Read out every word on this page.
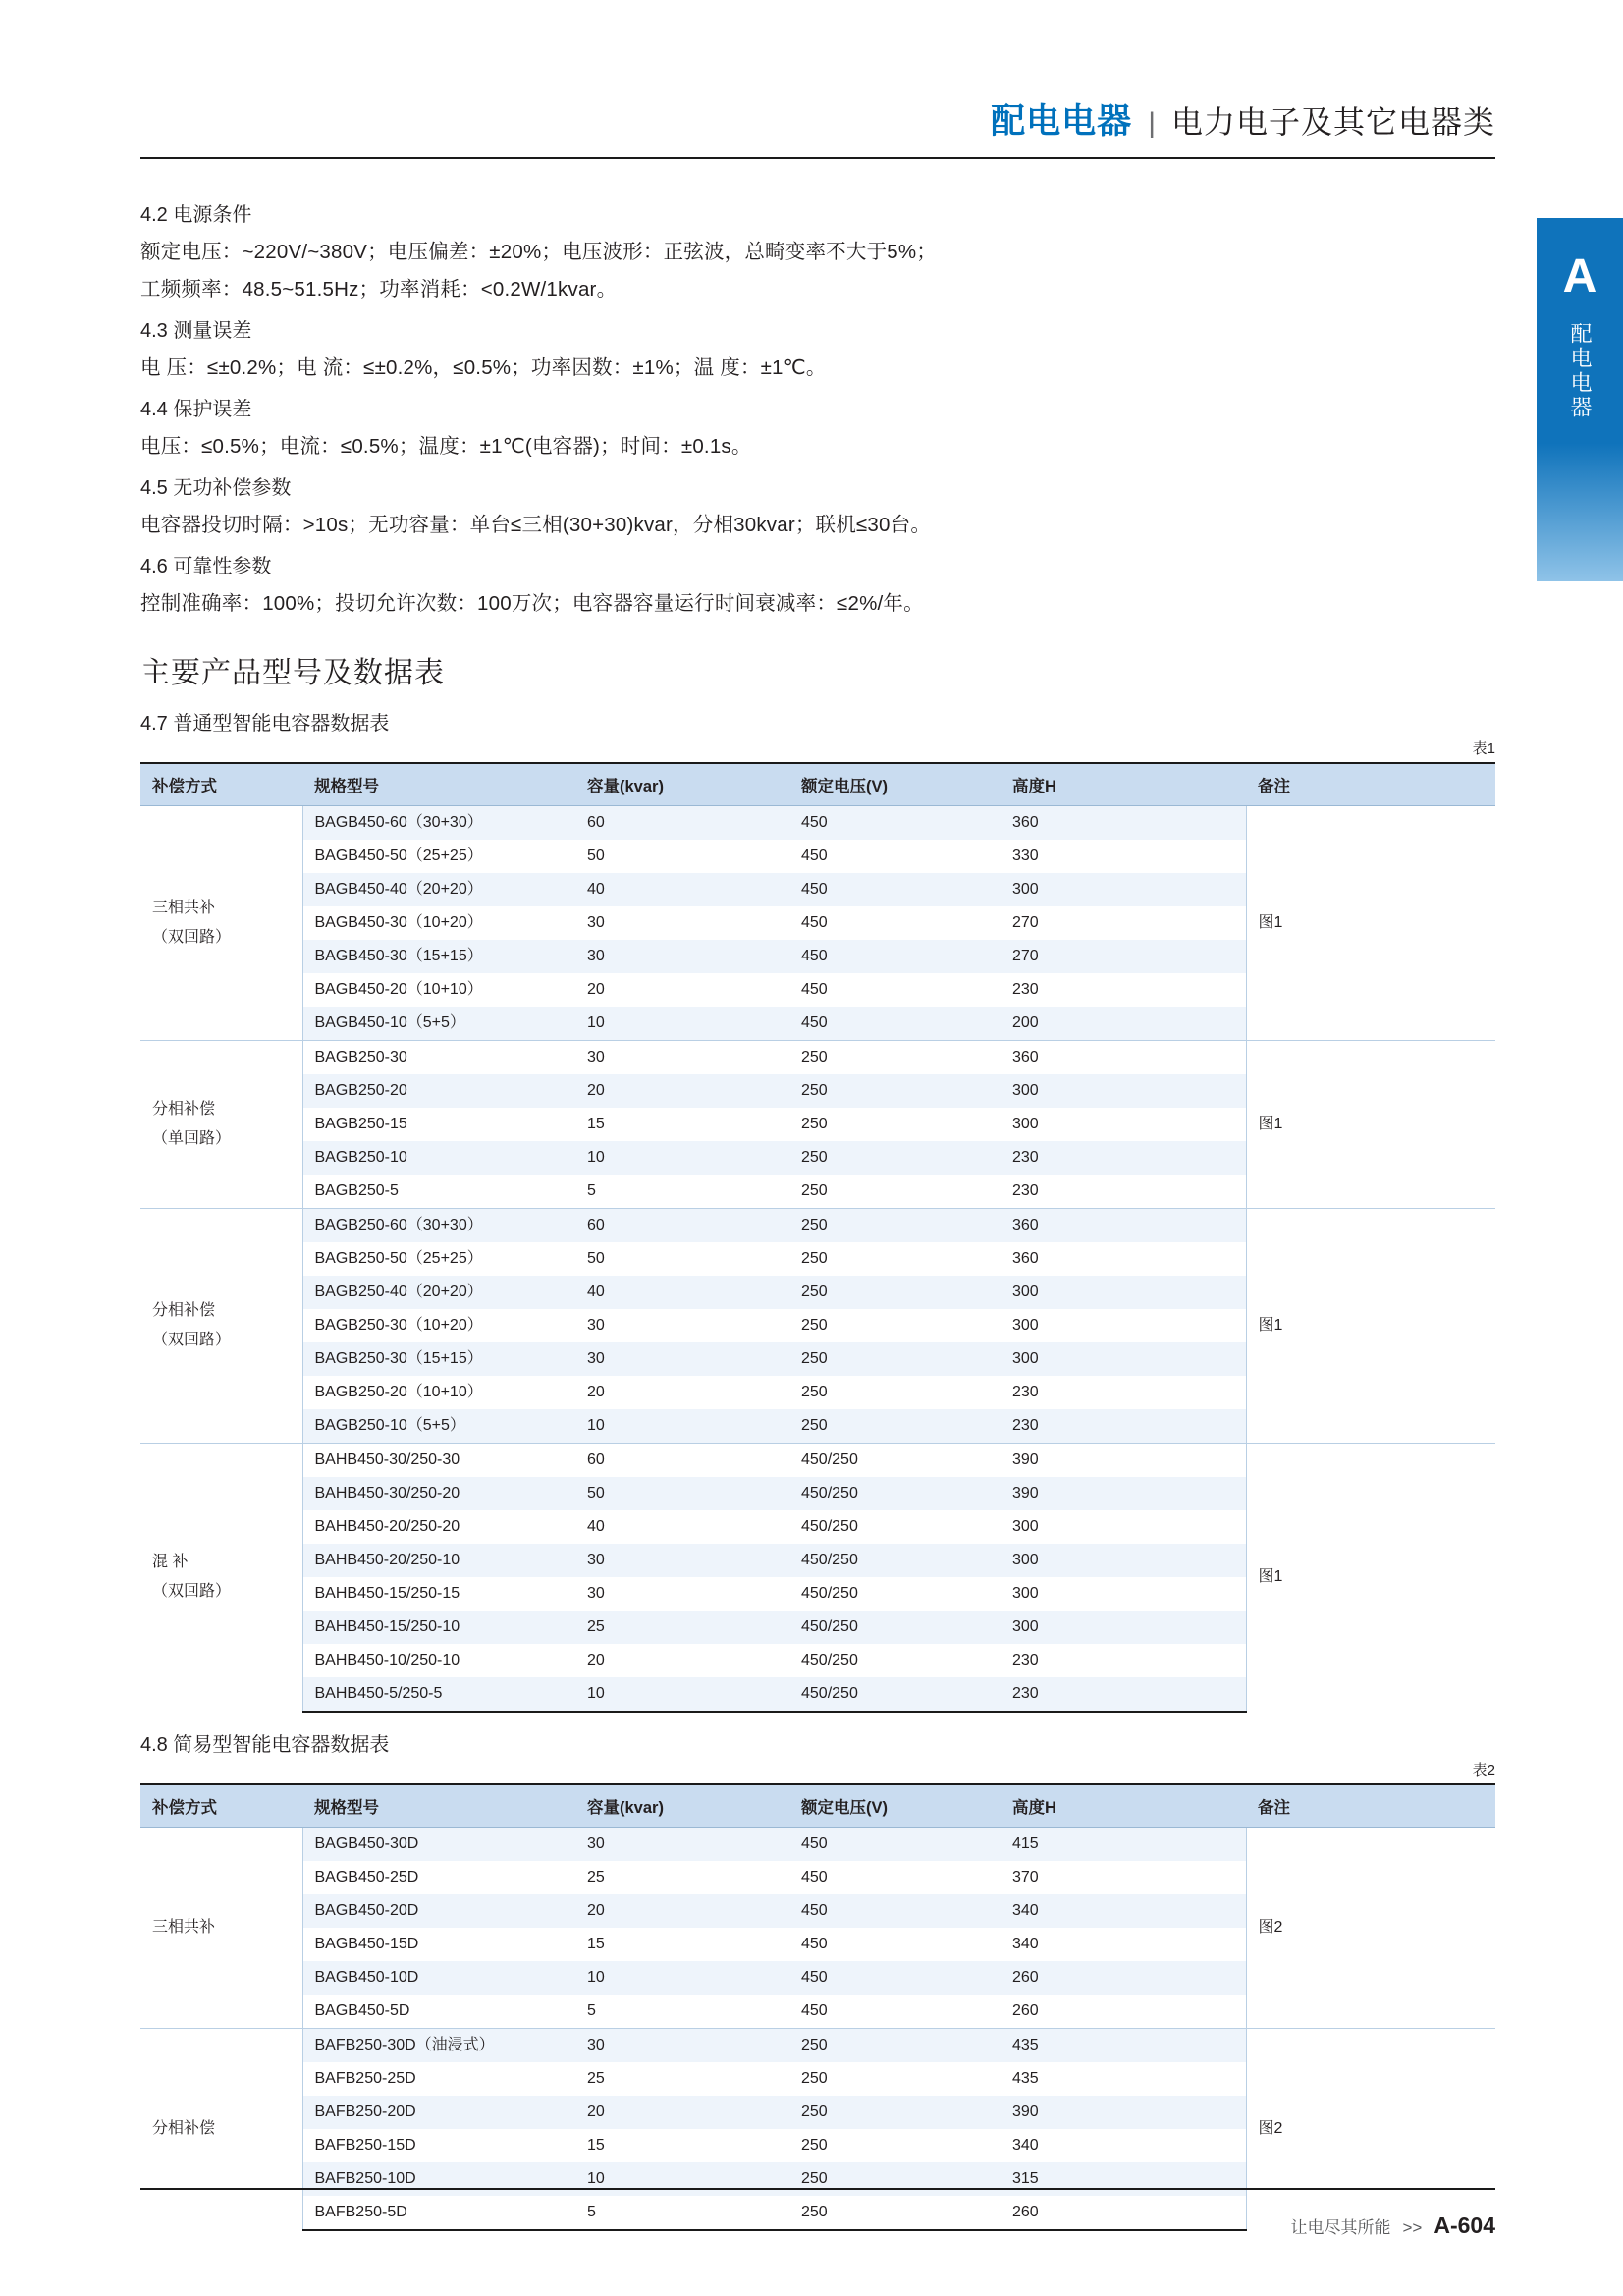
配电电器 | 电力电子及其它电器类
A
配电电器
4.2 电源条件
额定电压：~220V/~380V；电压偏差：±20%；电压波形：正弦波，总畸变率不大于5%；
工频频率：48.5~51.5Hz；功率消耗：<0.2W/1kvar。
4.3 测量误差
电 压：≤±0.2%；电 流：≤±0.2%，≤0.5%；功率因数：±1%；温 度：±1℃。
4.4 保护误差
电压：≤0.5%；电流：≤0.5%；温度：±1℃(电容器)；时间：±0.1s。
4.5 无功补偿参数
电容器投切时隔：>10s；无功容量：单台≤三相(30+30)kvar，分相30kvar；联机≤30台。
4.6 可靠性参数
控制准确率：100%；投切允许次数：100万次；电容器容量运行时间衰减率：≤2%/年。
主要产品型号及数据表
4.7 普通型智能电容器数据表
表1
补偿方式	规格型号	容量(kvar)	额定电压(V)	高度H	备注

三相共补
（双回路）	BAGB450-60（30+30）	60	450	360	图1
	BAGB450-50（25+25）	50	450	330	
	BAGB450-40（20+20）	40	450	300	
	BAGB450-30（10+20）	30	450	270	
	BAGB450-30（15+15）	30	450	270	
	BAGB450-20（10+10）	20	450	230	
	BAGB450-10（5+5）	10	450	200	

分相补偿
（单回路）	BAGB250-30	30	250	360	图1
	BAGB250-20	20	250	300	
	BAGB250-15	15	250	300	
	BAGB250-10	10	250	230	
	BAGB250-5	5	250	230	

分相补偿
（双回路）	BAGB250-60（30+30）	60	250	360	图1
	BAGB250-50（25+25）	50	250	360	
	BAGB250-40（20+20）	40	250	300	
	BAGB250-30（10+20）	30	250	300	
	BAGB250-30（15+15）	30	250	300	
	BAGB250-20（10+10）	20	250	230	
	BAGB250-10（5+5）	10	250	230	

混 补
（双回路）	BAHB450-30/250-30	60	450/250	390	图1
	BAHB450-30/250-20	50	450/250	390	
	BAHB450-20/250-20	40	450/250	300	
	BAHB450-20/250-10	30	450/250	300	
	BAHB450-15/250-15	30	450/250	300	
	BAHB450-15/250-10	25	450/250	300	
	BAHB450-10/250-10	20	450/250	230	
	BAHB450-5/250-5	10	450/250	230	
4.8 简易型智能电容器数据表
表2
补偿方式	规格型号	容量(kvar)	额定电压(V)	高度H	备注

三相共补	BAGB450-30D	30	450	415	图2
	BAGB450-25D	25	450	370	
	BAGB450-20D	20	450	340	
	BAGB450-15D	15	450	340	
	BAGB450-10D	10	450	260	
	BAGB450-5D	5	450	260	

分相补偿	BAFB250-30D（油浸式）	30	250	435	图2
	BAFB250-25D	25	250	435	
	BAFB250-20D	20	250	390	
	BAFB250-15D	15	250	340	
	BAFB250-10D	10	250	315	
	BAFB250-5D	5	250	260	
让电尽其所能 >> A-604
